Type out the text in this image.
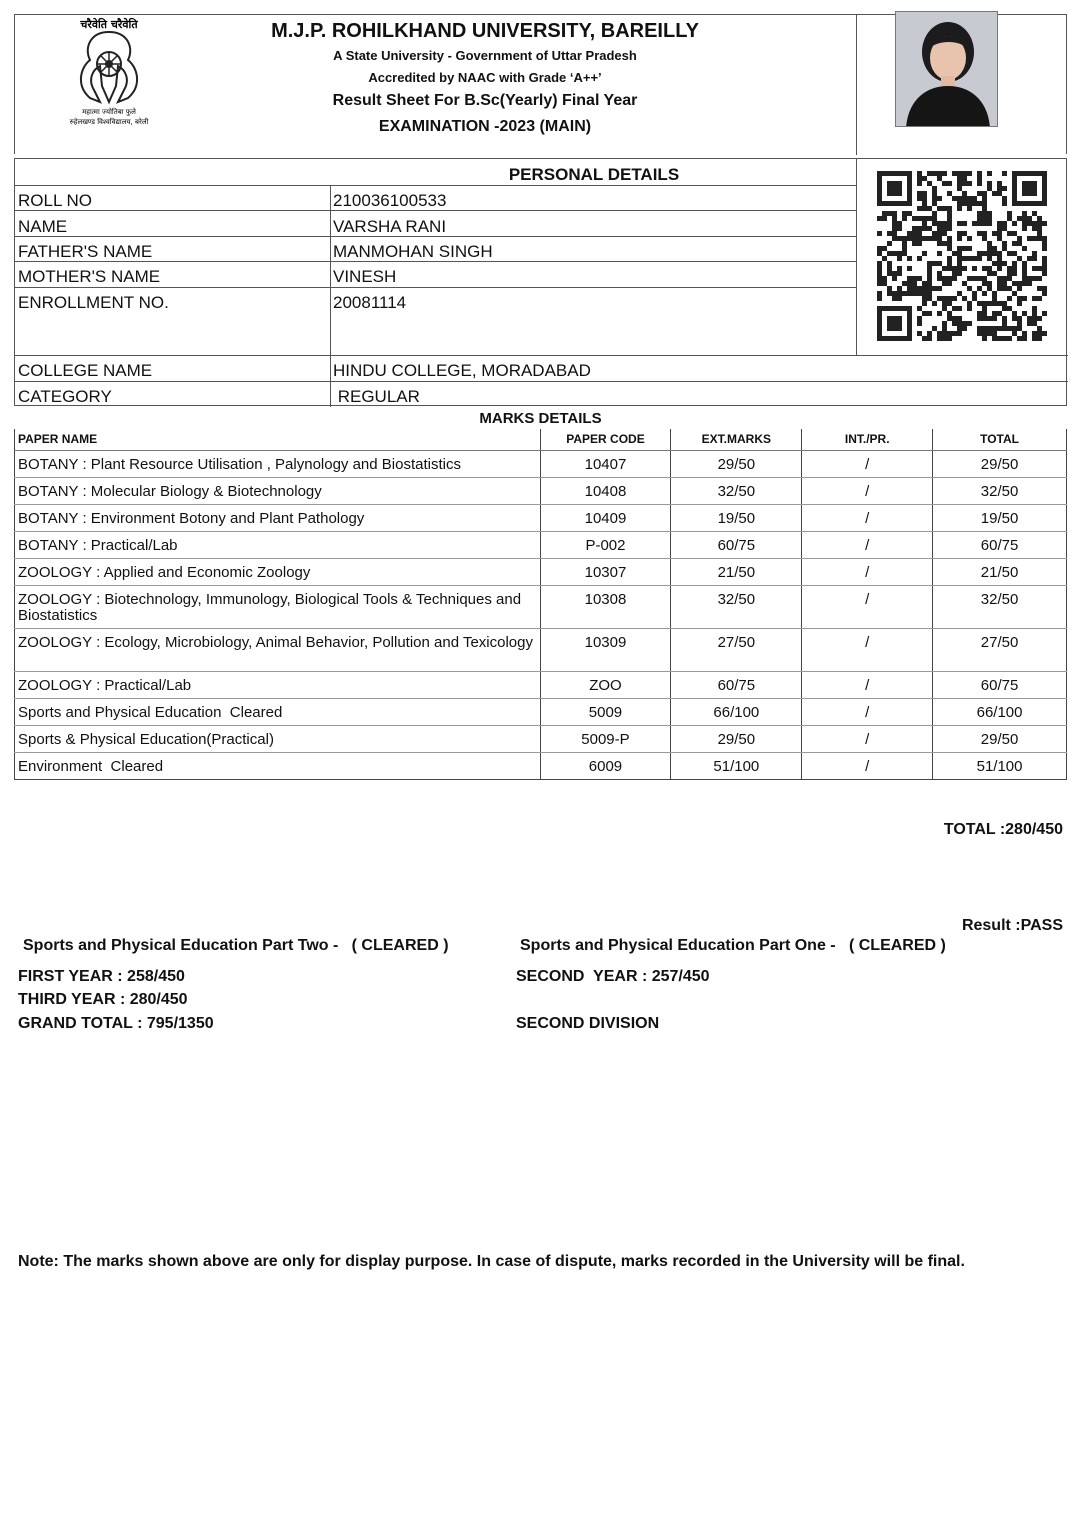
चरैवेति चरैवेति
महात्मा ज्योतिबा फुले
रुहेलखण्ड विश्वविद्यालय, बरेली
M.J.P. ROHILKHAND UNIVERSITY, BAREILLY
A State University - Government of Uttar Pradesh
Accredited by NAAC with Grade ‘A++’
Result Sheet For B.Sc(Yearly) Final Year
EXAMINATION -2023 (MAIN)
PERSONAL DETAILS
ROLL NO	210036100533
NAME	VARSHA RANI
FATHER'S NAME	MANMOHAN SINGH
MOTHER'S NAME	VINESH
ENROLLMENT NO.	20081114
COLLEGE NAME	HINDU COLLEGE, MORADABAD
CATEGORY	REGULAR
MARKS DETAILS
PAPER NAME	PAPER CODE	EXT.MARKS	INT./PR.	TOTAL
BOTANY : Plant Resource Utilisation , Palynology and Biostatistics	10407	29/50	/	29/50
BOTANY : Molecular Biology & Biotechnology	10408	32/50	/	32/50
BOTANY : Environment Botony and Plant Pathology	10409	19/50	/	19/50
BOTANY : Practical/Lab	P-002	60/75	/	60/75
ZOOLOGY : Applied and Economic Zoology	10307	21/50	/	21/50
ZOOLOGY : Biotechnology, Immunology, Biological Tools & Techniques and Biostatistics	10308	32/50	/	32/50
ZOOLOGY : Ecology, Microbiology, Animal Behavior, Pollution and Texicology	10309	27/50	/	27/50
ZOOLOGY : Practical/Lab	ZOO	60/75	/	60/75
Sports and Physical Education  Cleared	5009	66/100	/	66/100
Sports & Physical Education(Practical)	5009-P	29/50	/	29/50
Environment  Cleared	6009	51/100	/	51/100
TOTAL :280/450
Result :PASS
Sports and Physical Education Part Two -   ( CLEARED )	Sports and Physical Education Part One -   ( CLEARED )
FIRST YEAR : 258/450	SECOND  YEAR : 257/450
THIRD YEAR : 280/450
GRAND TOTAL : 795/1350	SECOND DIVISION
Note: The marks shown above are only for display purpose. In case of dispute, marks recorded in the University will be final.
